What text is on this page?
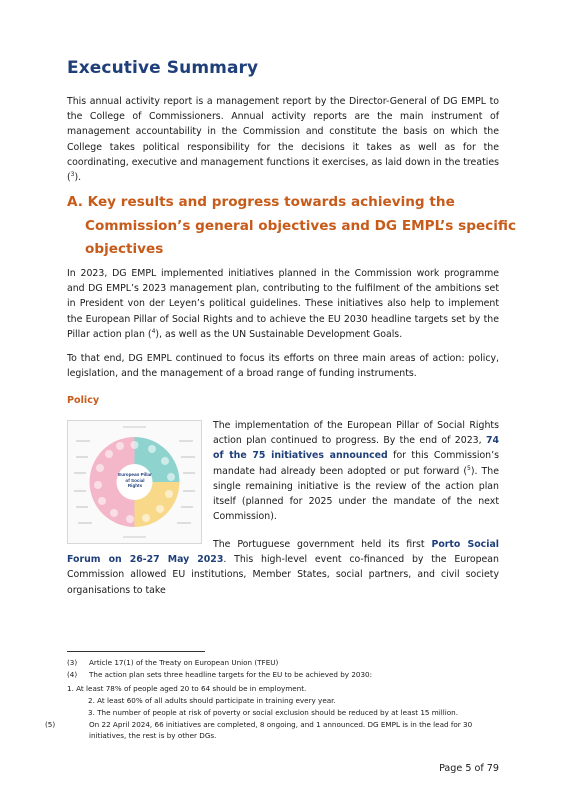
Executive Summary

This annual activity report is a management report by the Director-General of DG EMPL to the College of Commissioners. Annual activity reports are the main instrument of management accountability in the Commission and constitute the basis on which the College takes political responsibility for the decisions it takes as well as for the coordinating, executive and management functions it exercises, as laid down in the treaties ($^3$).

A. Key results and progress towards achieving the Commission’s general objectives and DG EMPL’s specific objectives

In 2023, DG EMPL implemented initiatives planned in the Commission work programme and DG EMPL’s 2023 management plan, contributing to the fulfilment of the ambitions set in President von der Leyen’s political guidelines. These initiatives also help to implement the European Pillar of Social Rights and to achieve the EU 2030 headline targets set by the Pillar action plan ($^4$), as well as the UN Sustainable Development Goals.

To that end, DG EMPL continued to focus its efforts on three main areas of action: policy, legislation, and the management of a broad range of funding instruments.

Policy
European Pillar of Social Rights

The implementation of the European Pillar of Social Rights action plan continued to progress. By the end of 2023, 74 of the 75 initiatives announced for this Commission’s mandate had already been adopted or put forward ($^5$). The single remaining initiative is the review of the action plan itself (planned for 2025 under the mandate of the next Commission).

The Portuguese government held its first Porto Social Forum on 26-27 May 2023. This high-level event co-financed by the European Commission allowed EU institutions, Member States, social partners, and civil society organisations to take

(3) Article 17(1) of the Treaty on European Union (TFEU)

(4) The action plan sets three headline targets for the EU to be achieved by 2030:

1. At least 78% of people aged 20 to 64 should be in employment.

2. At least 60% of all adults should participate in training every year.

3. The number of people at risk of poverty or social exclusion should be reduced by at least 15 million.

(5)	On 22 April 2024, 66 initiatives are completed, 8 ongoing, and 1 announced. DG EMPL is in the lead for 30 initiatives, the rest is by other DGs.

Page 5 of 79
